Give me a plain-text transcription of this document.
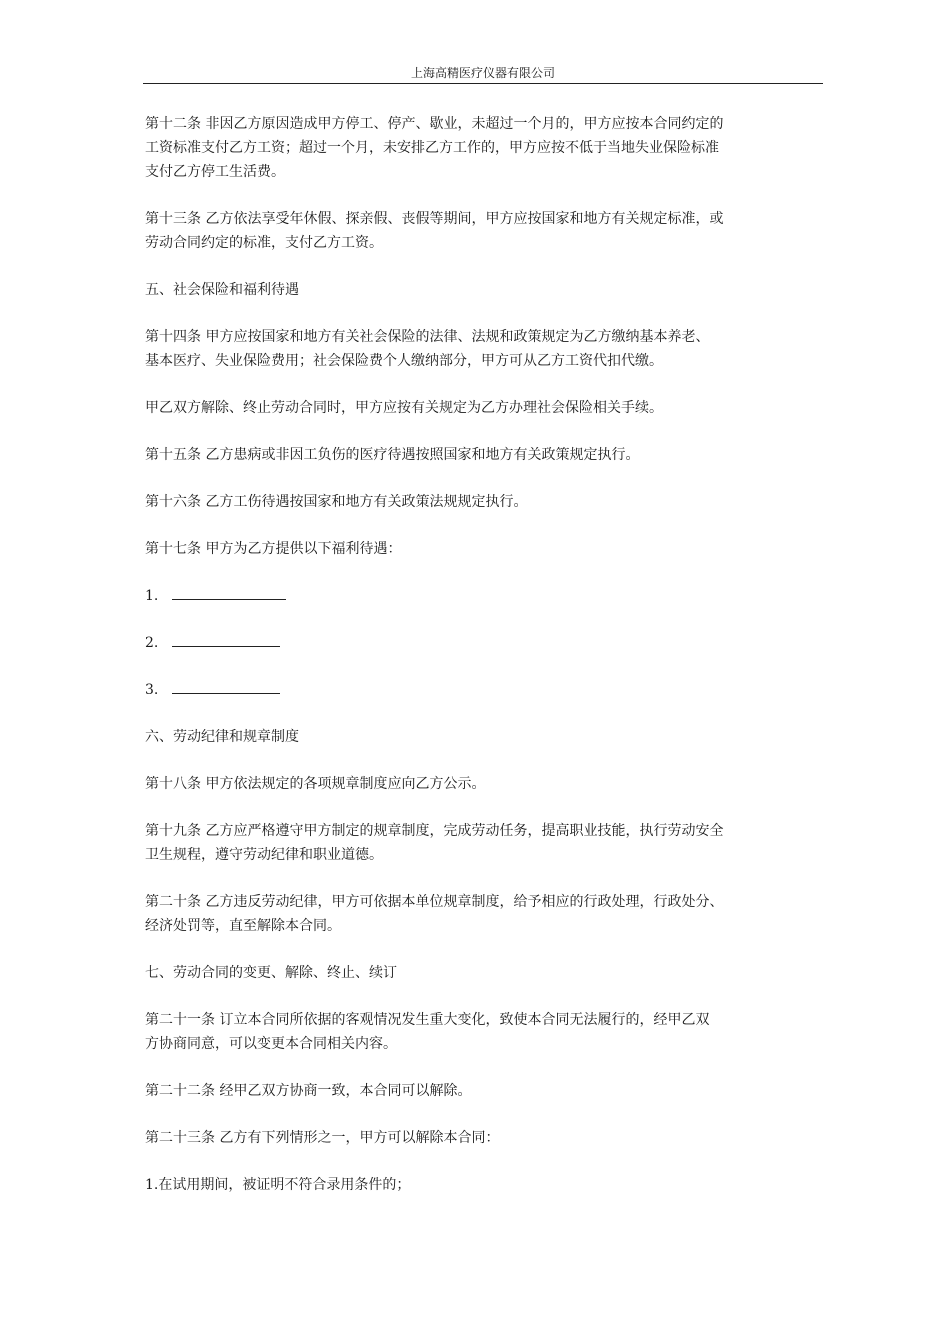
上海高精医疗仪器有限公司
第十二条 非因乙方原因造成甲方停工、停产、歇业，未超过一个月的，甲方应按本合同约定的
工资标准支付乙方工资；超过一个月，未安排乙方工作的，甲方应按不低于当地失业保险标准
支付乙方停工生活费。
第十三条 乙方依法享受年休假、探亲假、丧假等期间，甲方应按国家和地方有关规定标准，或
劳动合同约定的标准，支付乙方工资。
五、社会保险和福利待遇
第十四条 甲方应按国家和地方有关社会保险的法律、法规和政策规定为乙方缴纳基本养老、
基本医疗、失业保险费用；社会保险费个人缴纳部分，甲方可从乙方工资代扣代缴。
甲乙双方解除、终止劳动合同时，甲方应按有关规定为乙方办理社会保险相关手续。
第十五条 乙方患病或非因工负伤的医疗待遇按照国家和地方有关政策规定执行。
第十六条 乙方工伤待遇按国家和地方有关政策法规规定执行。
第十七条 甲方为乙方提供以下福利待遇：
1.
2.
3.
六、劳动纪律和规章制度
第十八条 甲方依法规定的各项规章制度应向乙方公示。
第十九条 乙方应严格遵守甲方制定的规章制度，完成劳动任务，提高职业技能，执行劳动安全
卫生规程，遵守劳动纪律和职业道德。
第二十条 乙方违反劳动纪律，甲方可依据本单位规章制度，给予相应的行政处理，行政处分、
经济处罚等，直至解除本合同。
七、劳动合同的变更、解除、终止、续订
第二十一条 订立本合同所依据的客观情况发生重大变化，致使本合同无法履行的，经甲乙双
方协商同意，可以变更本合同相关内容。
第二十二条 经甲乙双方协商一致，本合同可以解除。
第二十三条 乙方有下列情形之一，甲方可以解除本合同：
1.在试用期间，被证明不符合录用条件的；
